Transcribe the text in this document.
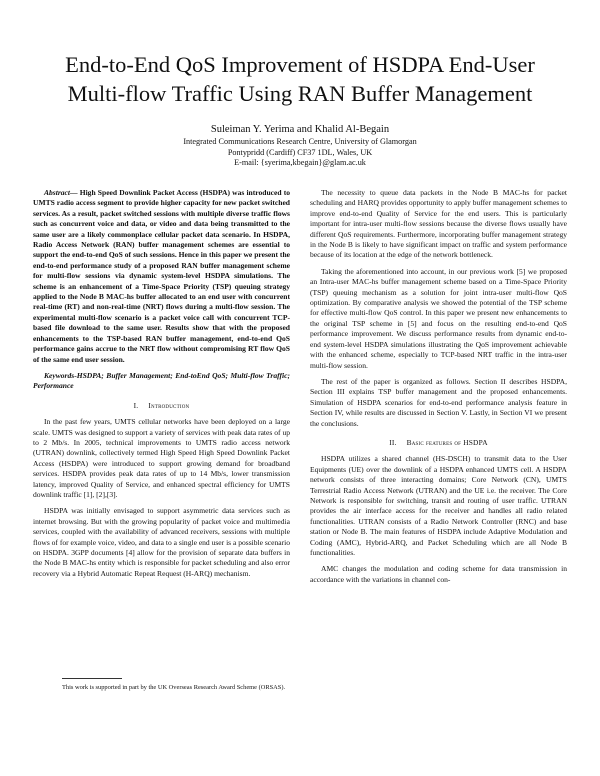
End-to-End QoS Improvement of HSDPA End-User Multi-flow Traffic Using RAN Buffer Management
Suleiman Y. Yerima and Khalid Al-Begain
Integrated Communications Research Centre, University of Glamorgan
Pontypridd (Cardiff) CF37 1DL, Wales, UK
E-mail: {syerima,kbegain}@glam.ac.uk

Abstract— High Speed Downlink Packet Access (HSDPA) was introduced to UMTS radio access segment to provide higher capacity for new packet switched services. As a result, packet switched sessions with multiple diverse traffic flows such as concurrent voice and data, or video and data being transmitted to the same user are a likely commonplace cellular packet data scenario. In HSDPA, Radio Access Network (RAN) buffer management schemes are essential to support the end-to-end QoS of such sessions. Hence in this paper we present the end-to-end performance study of a proposed RAN buffer management scheme for multi-flow sessions via dynamic system-level HSDPA simulations. The scheme is an enhancement of a Time-Space Priority (TSP) queuing strategy applied to the Node B MAC-hs buffer allocated to an end user with concurrent real-time (RT) and non-real-time (NRT) flows during a multi-flow session. The experimental multi-flow scenario is a packet voice call with concurrent TCP-based file download to the same user. Results show that with the proposed enhancements to the TSP-based RAN buffer management, end-to-end QoS performance gains accrue to the NRT flow without compromising RT flow QoS of the same end user session.

Keywords-HSDPA; Buffer Management; End-toEnd QoS; Multi-flow Traffic; Performance

I. Introduction

In the past few years, UMTS cellular networks have been deployed on a large scale. UMTS was designed to support a variety of services with peak data rates of up to 2 Mb/s. In 2005, technical improvements to UMTS radio access network (UTRAN) downlink, collectively termed High Speed High Speed Downlink Packet Access (HSDPA) were introduced to support growing demand for broadband services. HSDPA provides peak data rates of up to 14 Mb/s, lower transmission latency, improved Quality of Service, and enhanced spectral efficiency for UMTS downlink traffic [1], [2],[3].

HSDPA was initially envisaged to support asymmetric data services such as internet browsing. But with the growing popularity of packet voice and multimedia services, coupled with the availability of advanced receivers, sessions with multiple flows of for example voice, video, and data to a single end user is a possible scenario on HSDPA. 3GPP documents [4] allow for the provision of separate data buffers in the Node B MAC-hs entity which is responsible for packet scheduling and also error recovery via a Hybrid Automatic Repeat Request (H-ARQ) mechanism.

The necessity to queue data packets in the Node B MAC-hs for packet scheduling and HARQ provides opportunity to apply buffer management schemes to improve end-to-end Quality of Service for the end users. This is particularly important for intra-user multi-flow sessions because the diverse flows usually have different QoS requirements. Furthermore, incorporating buffer management strategy in the Node B is likely to have significant impact on traffic and system performance because of its location at the edge of the network bottleneck.

Taking the aforementioned into account, in our previous work [5] we proposed an Intra-user MAC-hs buffer management scheme based on a Time-Space Priority (TSP) queuing mechanism as a solution for joint intra-user multi-flow QoS optimization. By comparative analysis we showed the potential of the TSP scheme for effective multi-flow QoS control. In this paper we present new enhancements to the original TSP scheme in [5] and focus on the resulting end-to-end QoS performance improvement. We discuss performance results from dynamic end-to-end system-level HSDPA simulations illustrating the QoS improvement achievable with the enhanced scheme, especially to TCP-based NRT traffic in the intra-user multi-flow session.

The rest of the paper is organized as follows. Section II describes HSDPA, Section III explains TSP buffer management and the proposed enhancements. Simulation of HSDPA scenarios for end-to-end performance analysis feature in Section IV, while results are discussed in Section V. Lastly, in Section VI we present the conclusions.

II. Basic features of HSDPA

HSDPA utilizes a shared channel (HS-DSCH) to transmit data to the User Equipments (UE) over the downlink of a HSDPA enhanced UMTS cell. A HSDPA network consists of three interacting domains; Core Network (CN), UMTS Terrestrial Radio Access Network (UTRAN) and the UE i.e. the receiver. The Core Network is responsible for switching, transit and routing of user traffic. UTRAN provides the air interface access for the receiver and handles all radio related functionalities. UTRAN consists of a Radio Network Controller (RNC) and base station or Node B. The main features of HSDPA include Adaptive Modulation and Coding (AMC), Hybrid-ARQ, and Packet Scheduling which are all Node B functionalities.

AMC changes the modulation and coding scheme for data transmission in accordance with the variations in channel con-

This work is supported in part by the UK Overseas Research Award Scheme (ORSAS).
